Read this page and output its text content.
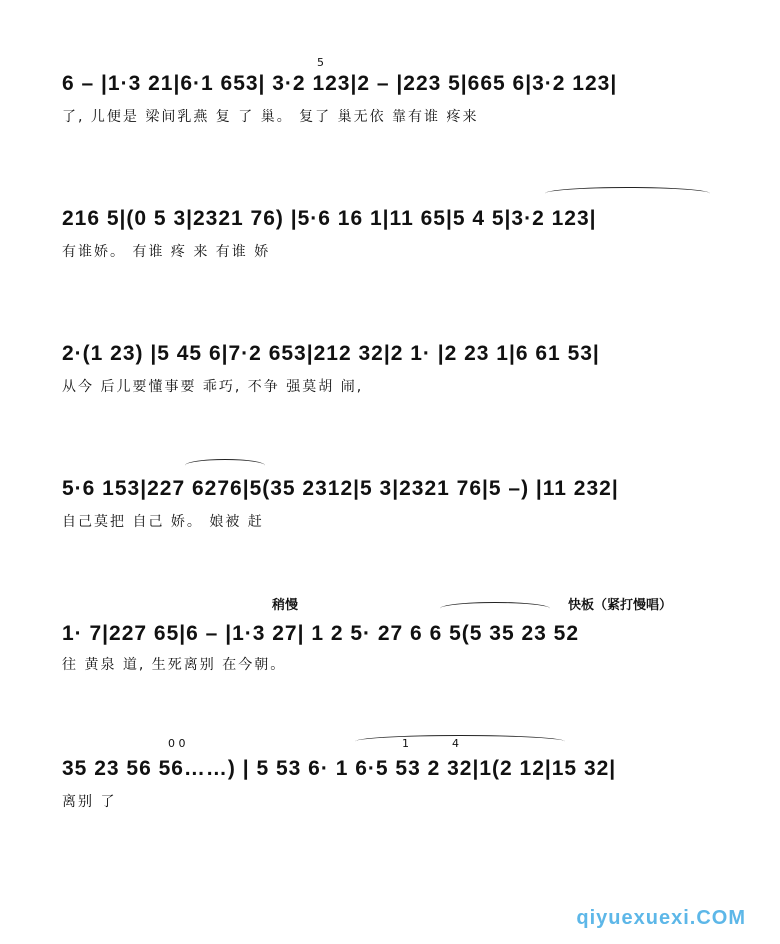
6 – |1·3 21|6·1 653| 3·2 123|2 – |223 5|665 6|3·2 123|
了, 儿便是 梁间乳燕 复 了 巢。 复了 巢无依 靠有谁 疼来
5
216 5|(0 5 3|2321 76) |5·6 16 1|11 65|5 4 5|3·2 123|
有谁娇。 有谁 疼 来 有谁 娇
2·(1 23) |5 45 6|7·2 653|212 32|2 1· |2 23 1|6 61 53|
从今 后儿要懂事要 乖巧, 不争 强莫胡 闹,
5·6 153|227 6276|5(35 2312|5 3|2321 76|5 –) |11 232|
自己莫把 自己 娇。 娘被 赶
稍慢	快板（紧打慢唱）
1· 7|227 65|6 – |1·3 27| 1 2 5· 27 6 6 5(5 35 23 52
往 黄泉 道, 生死离别 在今朝。
0 0	1	4
35 23 56 56……) | 5 53 6· 1 6·5 53 2 32|1(2 12|15 32|
离别 了
qiyuexuexi.COM
